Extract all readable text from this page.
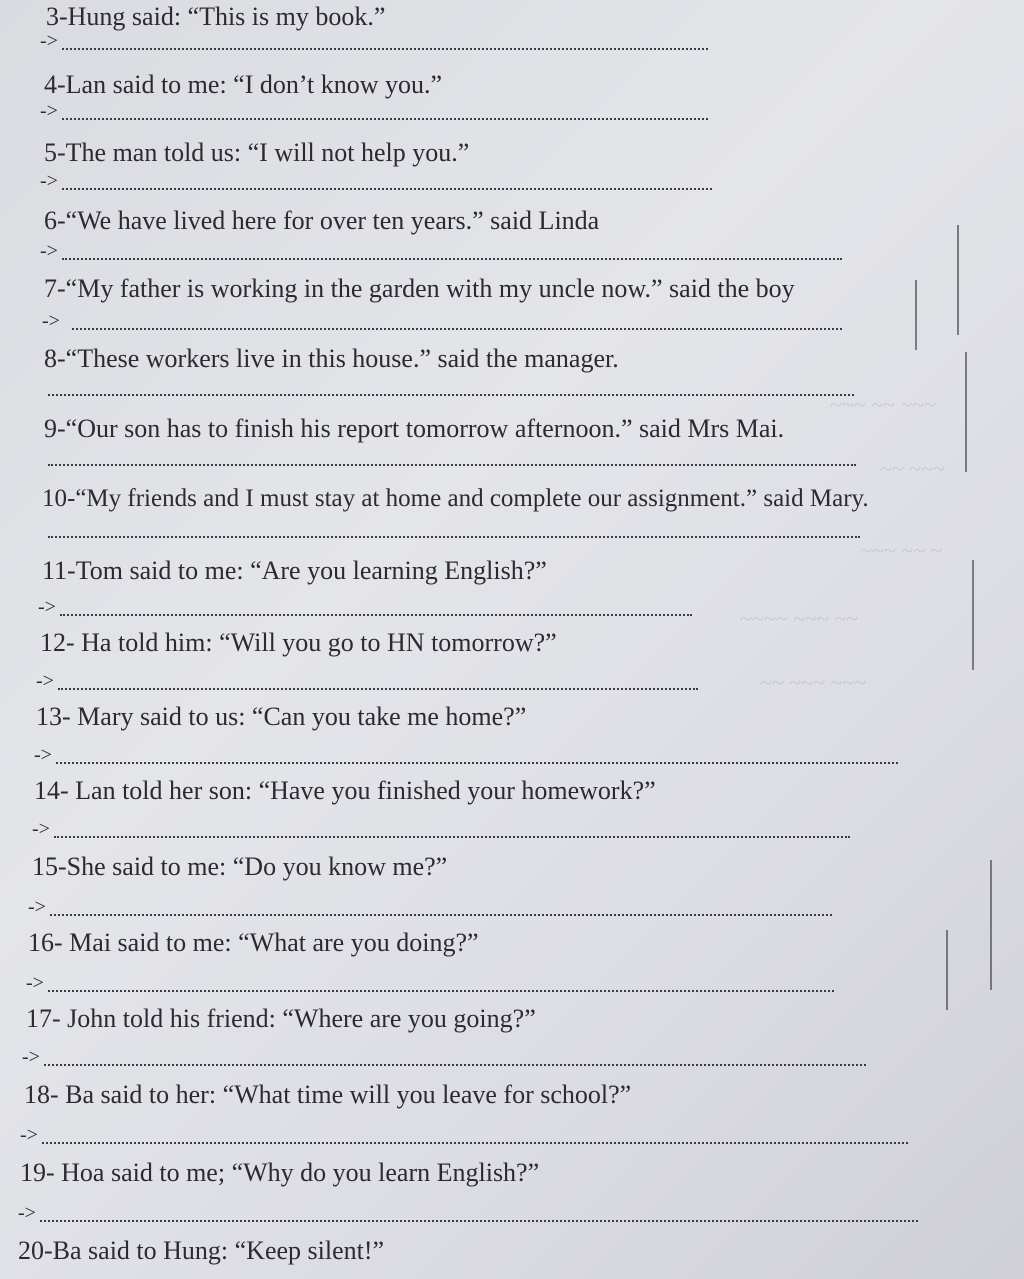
~~~ ~~ ~~~
~~ ~~~
~~~ ~~ ~
~~~~ ~~~ ~~
~~ ~~~ ~~~
3-Hung said: “This is my book.”
->
4-Lan said to me: “I don’t know you.”
->
5-The man told us: “I will not help you.”
->
6-“We have lived here for over ten years.” said Linda
->
7-“My father is working in the garden with my uncle now.” said the boy
->
8-“These workers live in this house.” said the manager.
9-“Our son has to finish his report tomorrow afternoon.” said Mrs Mai.
10-“My friends and I must stay at home and complete our assignment.” said Mary.
11-Tom said to me: “Are you learning English?”
->
12- Ha told him: “Will you go to HN tomorrow?”
->
13- Mary said to us: “Can you take me home?”
->
14- Lan told her son: “Have you finished your homework?”
->
15-She said to me: “Do you know me?”
->
16- Mai said to me: “What are you doing?”
->
17- John told his friend: “Where are you going?”
->
18- Ba said to her: “What time will you leave for school?”
->
19- Hoa said to me; “Why do you learn English?”
->
20-Ba said to Hung: “Keep silent!”
